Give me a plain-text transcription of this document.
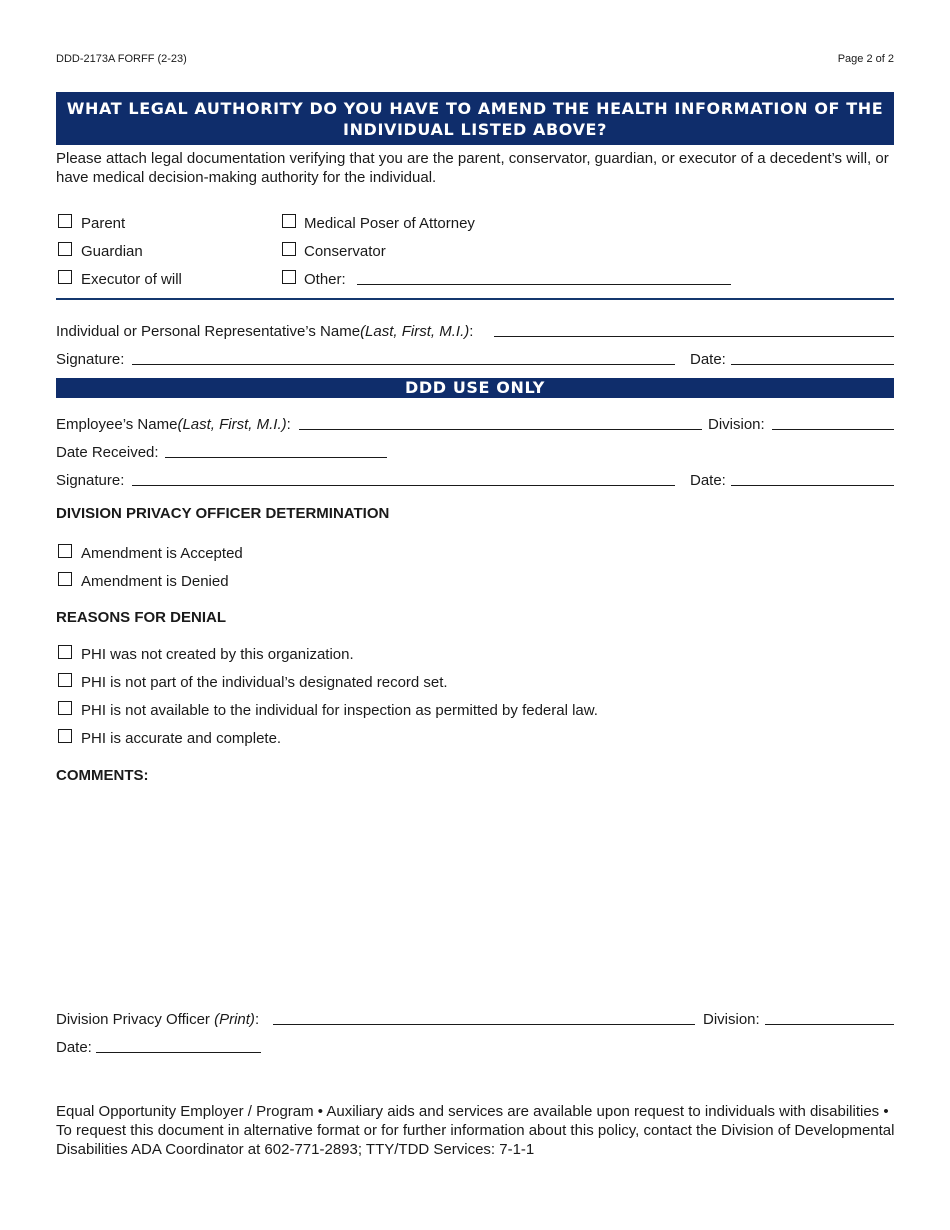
DDD-2173A FORFF (2-23)	Page 2 of 2
WHAT LEGAL AUTHORITY DO YOU HAVE TO AMEND THE HEALTH INFORMATION OF THE INDIVIDUAL LISTED ABOVE?
Please attach legal documentation verifying that you are the parent, conservator, guardian, or executor of a decedent’s will, or have medical decision-making authority for the individual.
Parent
Guardian
Executor of will
Medical Poser of Attorney
Conservator
Other:
Individual or Personal Representative’s Name(Last, First, M.I.):
Signature:	Date:
DDD USE ONLY
Employee’s Name(Last, First, M.I.):	Division:
Date Received:
Signature:	Date:
DIVISION PRIVACY OFFICER DETERMINATION
Amendment is Accepted
Amendment is Denied
REASONS FOR DENIAL
PHI was not created by this organization.
PHI is not part of the individual’s designated record set.
PHI is not available to the individual for inspection as permitted by federal law.
PHI is accurate and complete.
COMMENTS:
Division Privacy Officer (Print):	Division:
Date:
Equal Opportunity Employer / Program • Auxiliary aids and services are available upon request to individuals with disabilities • To request this document in alternative format or for further information about this policy, contact the Division of Developmental Disabilities ADA Coordinator at 602-771-2893; TTY/TDD Services: 7-1-1
